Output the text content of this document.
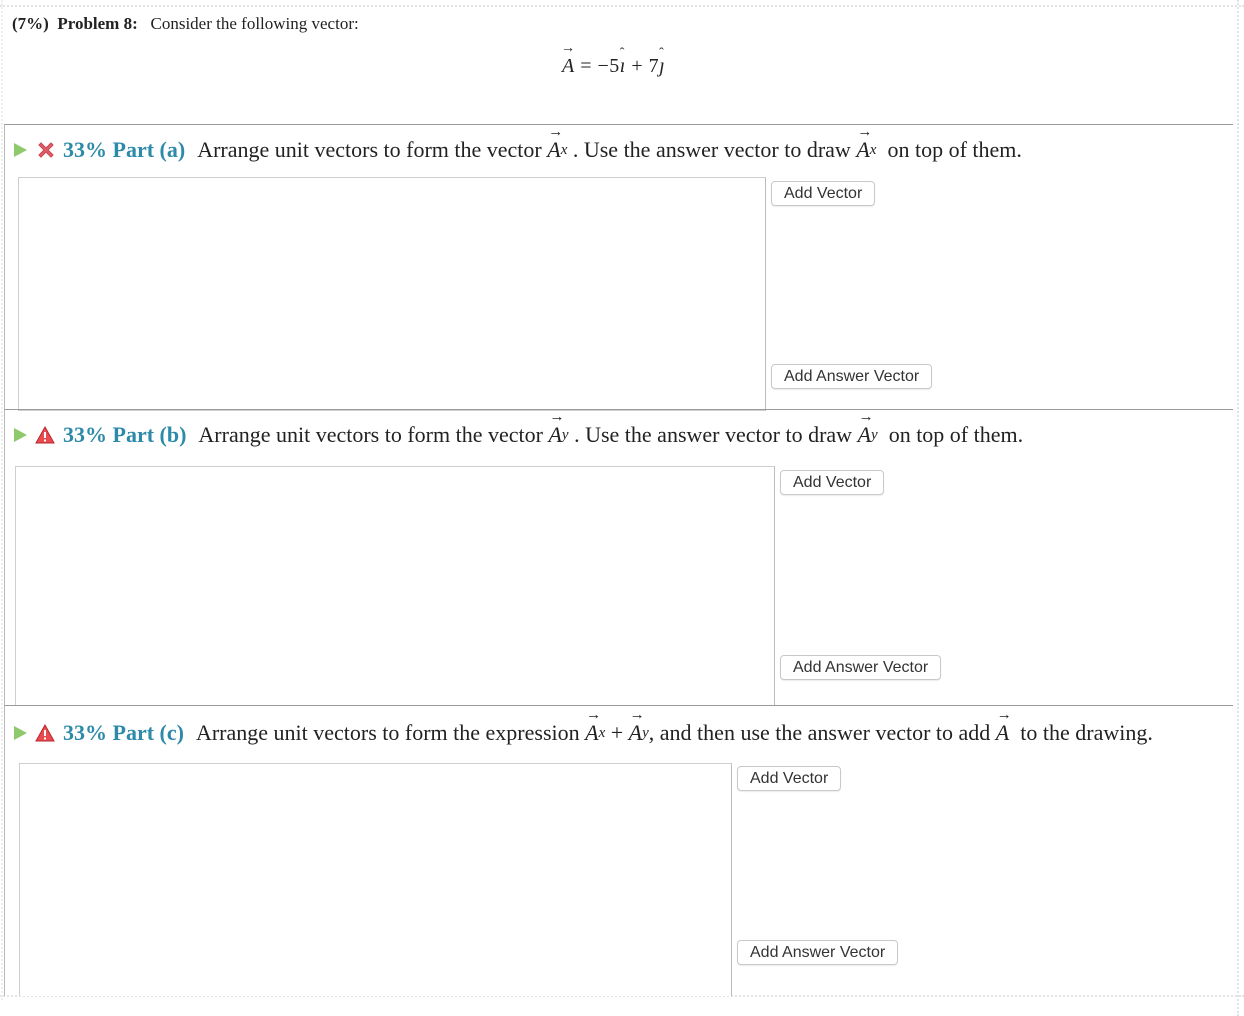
(7%) Problem 8: Consider the following vector:
→ A = −5ˆ ı + 7ˆ ȷ
33% Part (a) Arrange unit vectors to form the vector
→ A x
. Use the answer vector to draw
→ A x
on top of them.
Add Vector
Add Answer Vector
33% Part (b) Arrange unit vectors to form the vector
→ A y
. Use the answer vector to draw
→ A y
on top of them.
Add Vector
Add Answer Vector
33% Part (c) Arrange unit vectors to form the expression
→ A x
+
→ A y , and then use the answer vector to add
→ A
to the drawing.
Add Vector
Add Answer Vector
